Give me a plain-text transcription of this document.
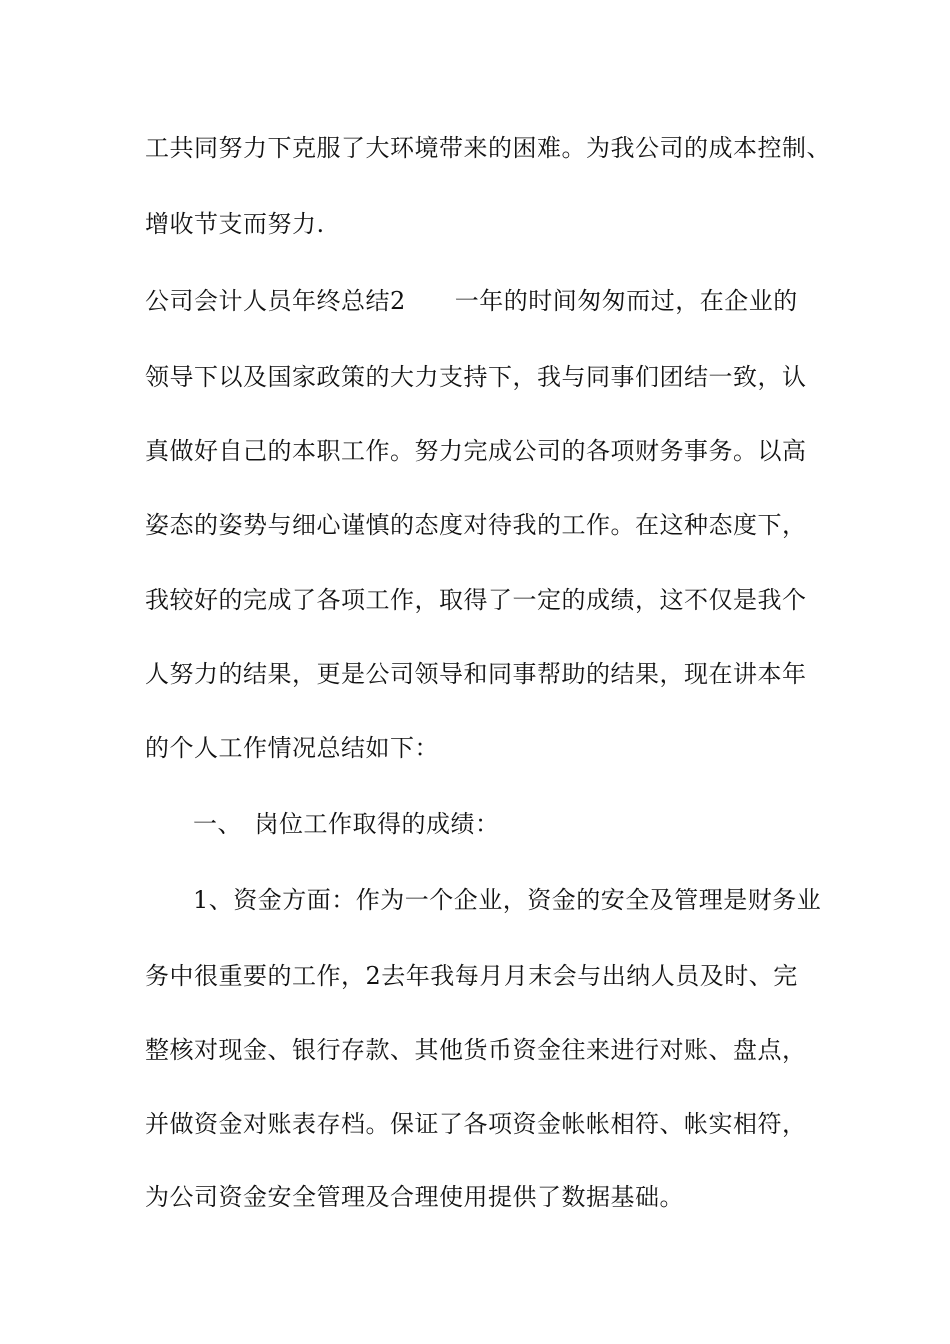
工共同努力下克服了大环境带来的困难。为我公司的成本控制、
增收节支而努力.
公司会计人员年终总结2　　一年的时间匆匆而过，在企业的
领导下以及国家政策的大力支持下，我与同事们团结一致，认
真做好自己的本职工作。努力完成公司的各项财务事务。以高
姿态的姿势与细心谨慎的态度对待我的工作。在这种态度下，
我较好的完成了各项工作，取得了一定的成绩，这不仅是我个
人努力的结果，更是公司领导和同事帮助的结果，现在讲本年
的个人工作情况总结如下：
一、　岗位工作取得的成绩：
1、资金方面：作为一个企业，资金的安全及管理是财务业
务中很重要的工作，2去年我每月月末会与出纳人员及时、完
整核对现金、银行存款、其他货币资金往来进行对账、盘点，
并做资金对账表存档。保证了各项资金帐帐相符、帐实相符，
为公司资金安全管理及合理使用提供了数据基础。
